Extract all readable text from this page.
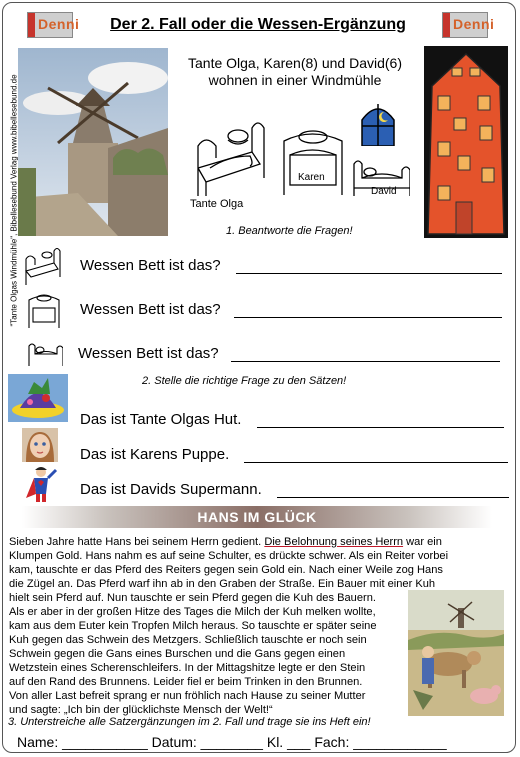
Denni	Denni
Der 2. Fall oder die Wessen-Ergänzung
"Tante Olgas Windmühle", Bibellesebund Verlag www.bibellesebund.de
Tante Olga, Karen(8) und David(6)
wohnen in einer Windmühle
Tante Olga
Karen
David
1. Beantworte die Fragen!
Wessen Bett ist das?
Wessen Bett ist das?
Wessen Bett ist das?
2. Stelle die richtige Frage zu den Sätzen!
Das ist Tante Olgas Hut.
Das ist Karens Puppe.
Das ist Davids Supermann.
HANS IM GLÜCK
Sieben Jahre hatte Hans bei seinem Herrn gedient. Die Belohnung seines Herrn war ein
Klumpen Gold. Hans nahm es auf seine Schulter, es drückte schwer. Als ein Reiter vorbei
kam, tauschte er das Pferd des Reiters gegen sein Gold ein. Nach einer Weile zog Hans
die Zügel an. Das Pferd warf ihn ab in den Graben der Straße. Ein Bauer mit einer Kuh
hielt sein Pferd auf. Nun tauschte er sein Pferd gegen die Kuh des Bauern.
Als er aber in der großen Hitze des Tages die Milch der Kuh melken wollte,
kam aus dem Euter kein Tropfen Milch heraus. So tauschte er später seine
Kuh gegen das Schwein des Metzgers. Schließlich tauschte er noch sein
Schwein gegen die Gans eines Burschen und die Gans gegen einen
Wetzstein eines Scherenschleifers. In der Mittagshitze legte er den Stein
auf den Rand des Brunnens. Leider fiel er beim Trinken in den Brunnen.
Von aller Last befreit sprang er nun fröhlich nach Hause zu seiner Mutter
und sagte: „Ich bin der glücklichste Mensch der Welt!“
3. Unterstreiche alle Satzergänzungen im 2. Fall und trage sie ins Heft ein!
Name: ___________ Datum: ________ Kl. ___ Fach: ____________
